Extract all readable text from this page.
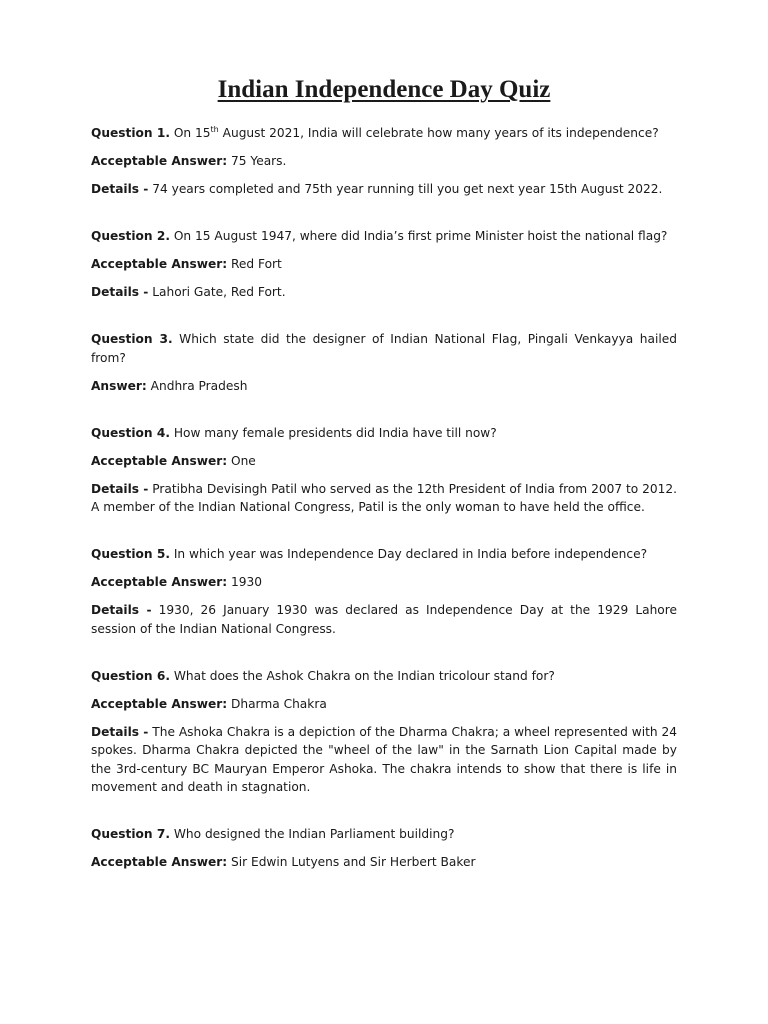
Indian Independence Day Quiz

Question 1. On 15th August 2021, India will celebrate how many years of its independence?

Acceptable Answer: 75 Years.

Details - 74 years completed and 75th year running till you get next year 15th August 2022.

Question 2. On 15 August 1947, where did India’s first prime Minister hoist the national flag?

Acceptable Answer: Red Fort

Details - Lahori Gate, Red Fort.

Question 3. Which state did the designer of Indian National Flag, Pingali Venkayya hailed from?

Answer: Andhra Pradesh

Question 4. How many female presidents did India have till now?

Acceptable Answer: One

Details - Pratibha Devisingh Patil who served as the 12th President of India from 2007 to 2012. A member of the Indian National Congress, Patil is the only woman to have held the office.

Question 5. In which year was Independence Day declared in India before independence?

Acceptable Answer: 1930

Details - 1930, 26 January 1930 was declared as Independence Day at the 1929 Lahore session of the Indian National Congress.

Question 6. What does the Ashok Chakra on the Indian tricolour stand for?

Acceptable Answer: Dharma Chakra

Details - The Ashoka Chakra is a depiction of the Dharma Chakra; a wheel represented with 24 spokes. Dharma Chakra depicted the "wheel of the law" in the Sarnath Lion Capital made by the 3rd-century BC Mauryan Emperor Ashoka. The chakra intends to show that there is life in movement and death in stagnation.

Question 7. Who designed the Indian Parliament building?

Acceptable Answer: Sir Edwin Lutyens and Sir Herbert Baker
